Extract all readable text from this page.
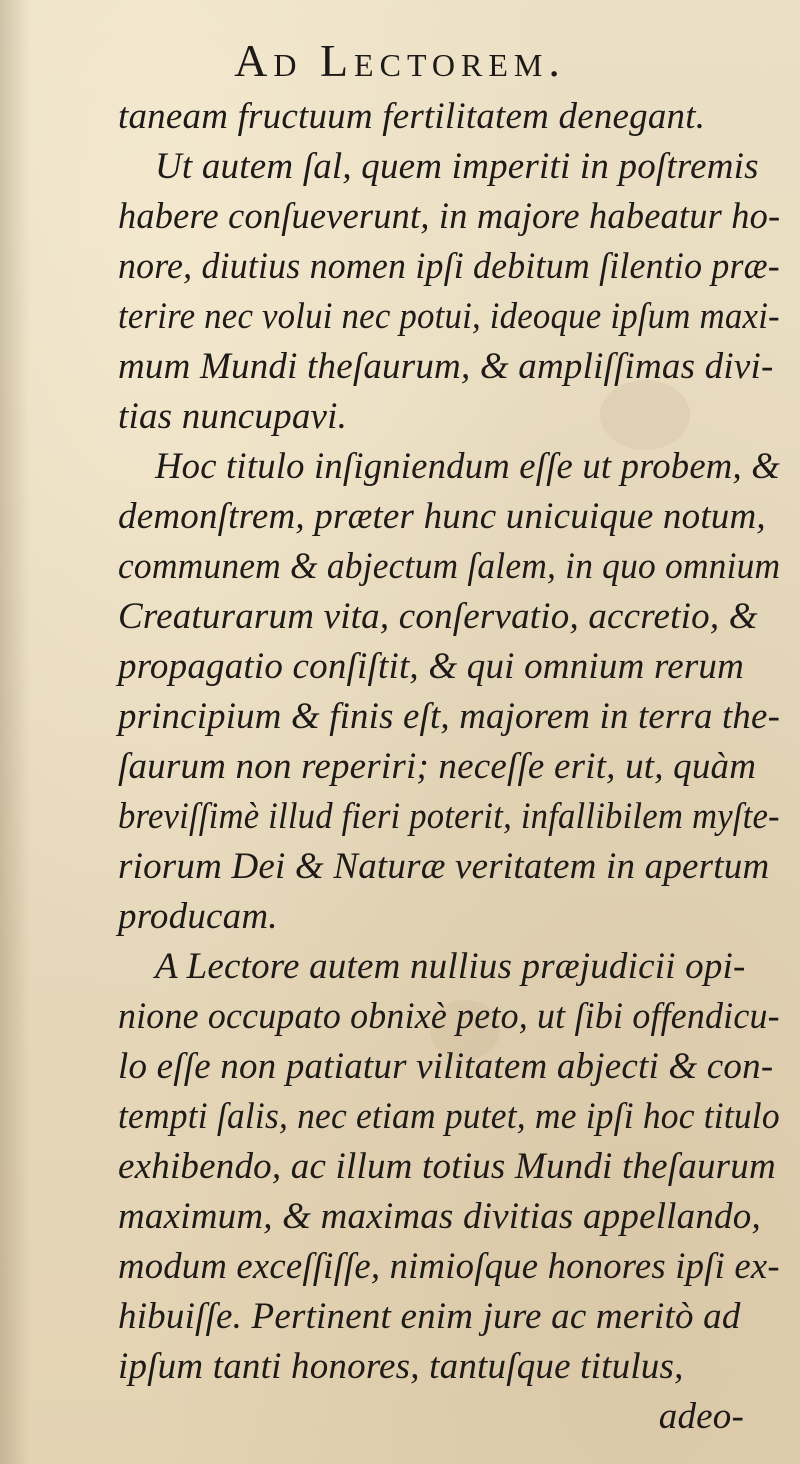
Ad Lectorem.
taneam fructuum fertilitatem denegant.
Ut autem ſal, quem imperiti in poſtremis
habere conſueverunt, in majore habeatur ho-
nore, diutius nomen ipſi debitum ſilentio præ-
terire nec volui nec potui, ideoque ipſum maxi-
mum Mundi theſaurum, & ampliſſimas divi-
tias nuncupavi.
Hoc titulo inſigniendum eſſe ut probem, &
demonſtrem, præter hunc unicuique notum,
communem & abjectum ſalem, in quo omnium
Creaturarum vita, conſervatio, accretio, &
propagatio conſiſtit, & qui omnium rerum
principium & finis eſt, majorem in terra the-
ſaurum non reperiri; neceſſe erit, ut, quàm
breviſſimè illud fieri poterit, infallibilem myſte-
riorum Dei & Naturæ veritatem in apertum
producam.
A Lectore autem nullius præjudicii opi-
nione occupato obnixè peto, ut ſibi offendicu-
lo eſſe non patiatur vilitatem abjecti & con-
tempti ſalis, nec etiam putet, me ipſi hoc titulo
exhibendo, ac illum totius Mundi theſaurum
maximum, & maximas divitias appellando,
modum exceſſiſſe, nimioſque honores ipſi ex-
hibuiſſe. Pertinent enim jure ac meritò ad
ipſum tanti honores, tantuſque titulus,
adeo-
